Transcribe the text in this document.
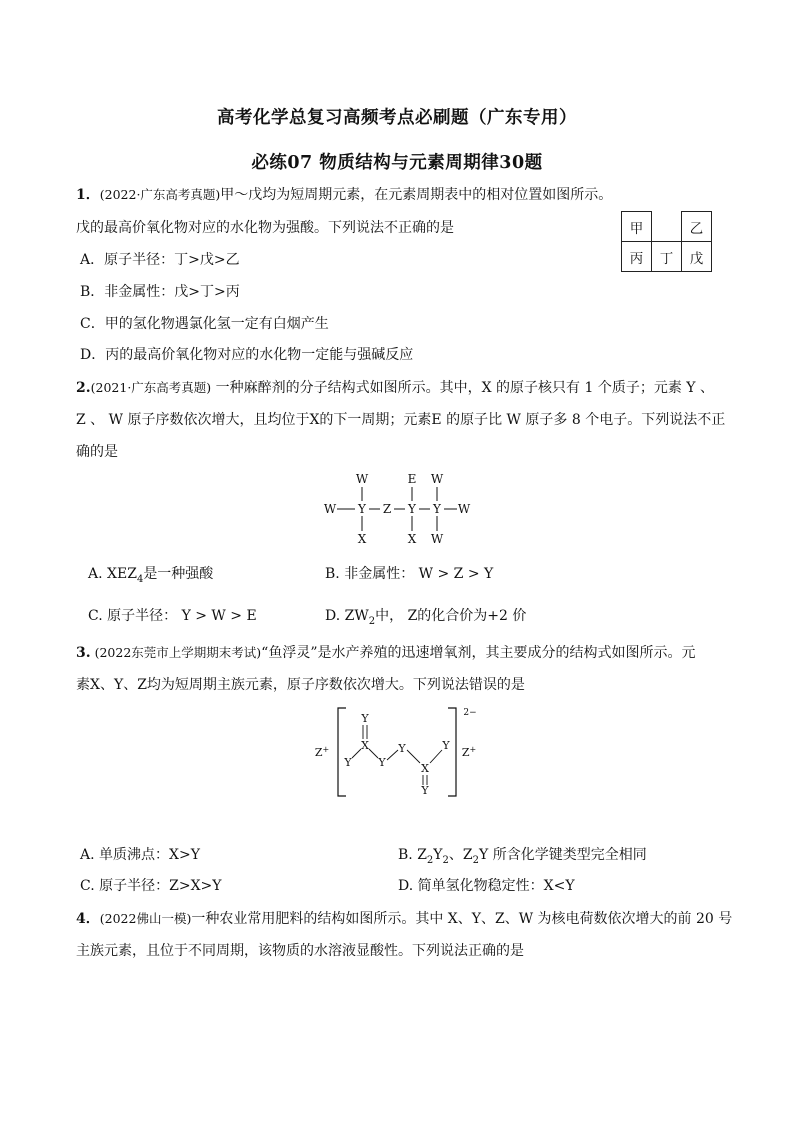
高考化学总复习高频考点必刷题（广东专用）
必练07 物质结构与元素周期律30题
1．(2022·广东高考真题)甲～戊均为短周期元素，在元素周期表中的相对位置如图所示。
戊的最高价氧化物对应的水化物为强酸。下列说法不正确的是
A．原子半径：丁>戊>乙
B．非金属性：戊>丁>丙
C．甲的氢化物遇氯化氢一定有白烟产生
D．丙的最高价氧化物对应的水化物一定能与强碱反应
甲		乙
丙	丁	戊
2.(2021·广东高考真题) 一种麻醉剂的分子结构式如图所示。其中，X 的原子核只有 1 个质子；元素 Y 、
Z 、 W 原子序数依次增大，且均位于X的下一周期；元素E 的原子比 W 原子多 8 个电子。下列说法不正
确的是
W	E W
W Y Z Y Y W
X	X W
A. $XEZ_4$是一种强酸	B. 非金属性： W > Z > Y
C. 原子半径： Y > W > E	D. $ZW_2$中， Z的化合价为+2 价
3. (2022东莞市上学期期末考试)“鱼浮灵”是水产养殖的迅速增氧剂，其主要成分的结构式如图所示。元
素X、Y、Z均为短周期主族元素，原子序数依次增大。下列说法错误的是
Z+	Z+
2−
Y
X
Y Y
Y	Y
X
Y
A. 单质沸点：X>Y	B. $Z_2Y_2$、$Z_2Y$ 所含化学键类型完全相同
C. 原子半径：Z>X>Y	D. 简单氢化物稳定性：X<Y
4．(2022佛山一模)一种农业常用肥料的结构如图所示。其中 X、Y、Z、W 为核电荷数依次增大的前 20 号
主族元素，且位于不同周期，该物质的水溶液显酸性。下列说法正确的是
